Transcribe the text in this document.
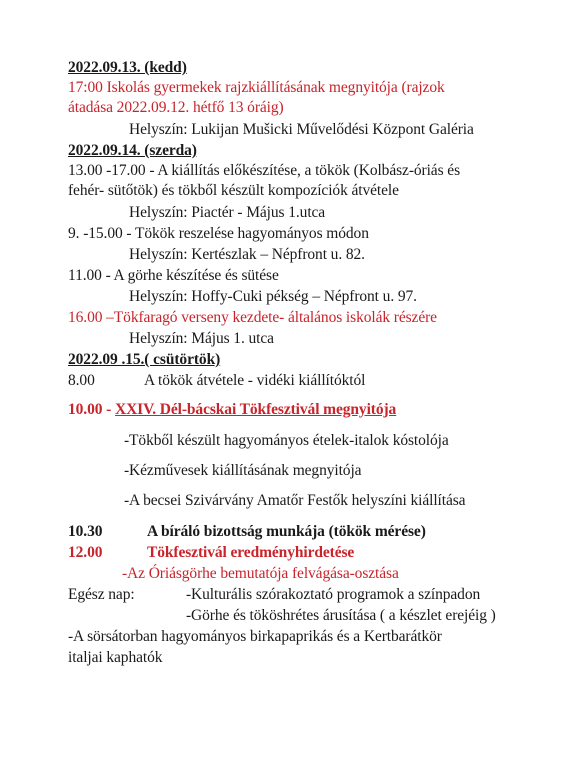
2022.09.13. (kedd)
17:00 Iskolás gyermekek rajzkiállításának megnyitója (rajzok
átadása 2022.09.12. hétfő 13 óráig)
Helyszín: Lukijan Mušicki Művelődési Központ Galéria
2022.09.14. (szerda)
13.00 -17.00 - A kiállítás előkészítése, a tökök (Kolbász-óriás és
fehér- sütőtök) és tökből készült kompozíciók átvétele
Helyszín: Piactér - Május 1.utca
9. -15.00 - Tökök reszelése hagyományos módon
Helyszín: Kertészlak – Népfront u. 82.
11.00 - A görhe készítése és sütése
Helyszín: Hoffy-Cuki pékség – Népfront u. 97.
16.00 –Tökfaragó verseny kezdete- általános iskolák részére
Helyszín: Május 1. utca
2022.09 .15.( csütörtök)
8.00	A tökök átvétele - vidéki kiállítóktól
10.00 - XXIV. Dél-bácskai Tökfesztivál megnyitója
-Tökből készült hagyományos ételek-italok kóstolója
-Kézművesek kiállításának megnyitója
-A becsei Szivárvány Amatőr Festők helyszíni kiállítása
10.30	A bíráló bizottság munkája (tökök mérése)
12.00	Tökfesztivál eredményhirdetése
-Az Óriásgörhe bemutatója felvágása-osztása
Egész nap:	-Kulturális szórakoztató programok a színpadon
-Görhe és tököshrétes árusítása ( a készlet erejéig )
-A sörsátorban hagyományos birkapaprikás és a Kertbarátkör
italjai kaphatók
